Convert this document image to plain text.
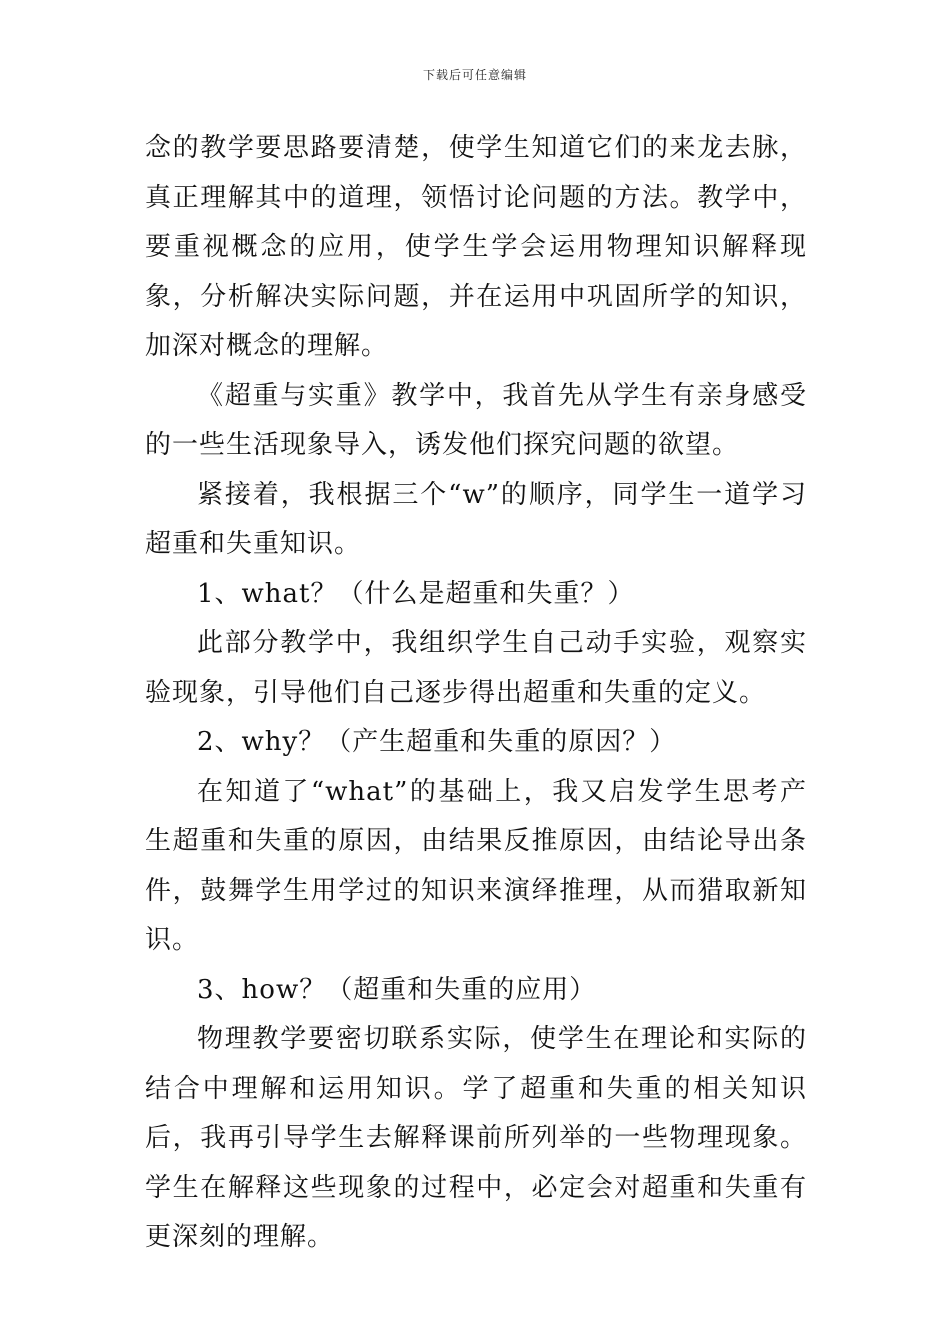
下载后可任意编辑

念的教学要思路要清楚，使学生知道它们的来龙去脉，真正理解其中的道理，领悟讨论问题的方法。教学中，要重视概念的应用，使学生学会运用物理知识解释现象，分析解决实际问题，并在运用中巩固所学的知识，加深对概念的理解。

《超重与实重》教学中，我首先从学生有亲身感受的一些生活现象导入，诱发他们探究问题的欲望。

紧接着，我根据三个“w”的顺序，同学生一道学习超重和失重知识。

1、what？（什么是超重和失重？）

此部分教学中，我组织学生自己动手实验，观察实验现象，引导他们自己逐步得出超重和失重的定义。

2、why？（产生超重和失重的原因？）

在知道了“what”的基础上，我又启发学生思考产生超重和失重的原因，由结果反推原因，由结论导出条件，鼓舞学生用学过的知识来演绎推理，从而猎取新知识。

3、how？（超重和失重的应用）

物理教学要密切联系实际，使学生在理论和实际的结合中理解和运用知识。学了超重和失重的相关知识后，我再引导学生去解释课前所列举的一些物理现象。学生在解释这些现象的过程中，必定会对超重和失重有更深刻的理解。
